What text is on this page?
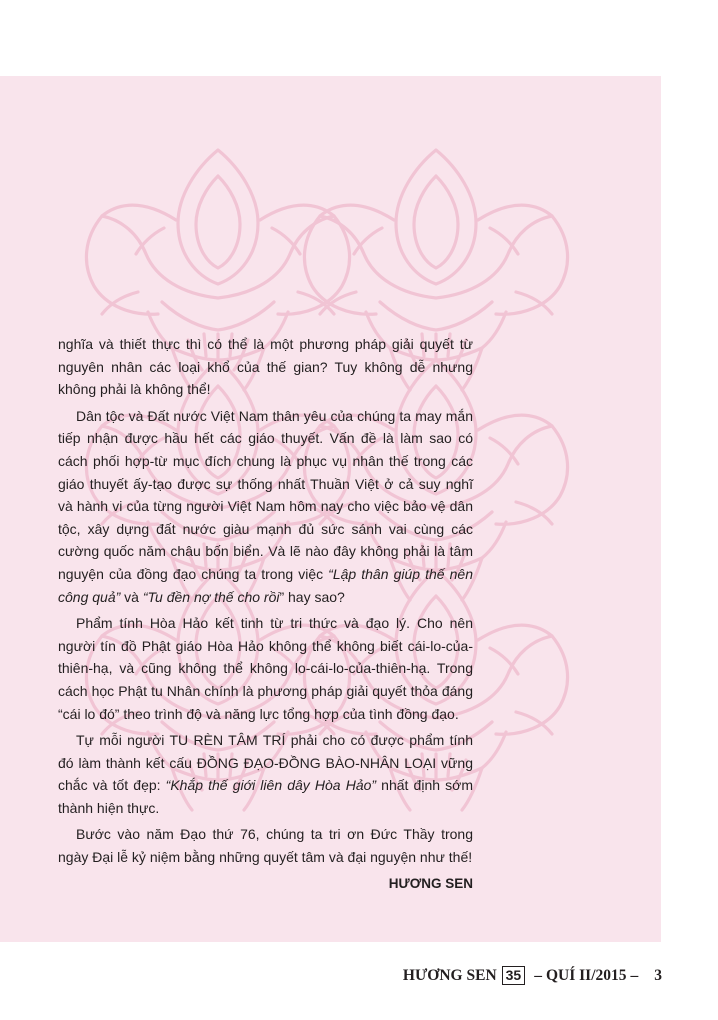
nghĩa và thiết thực thì có thể là một phương pháp giải quyết từ nguyên nhân các loại khổ của thế gian? Tuy không dễ nhưng không phải là không thể!

Dân tộc và Đất nước Việt Nam thân yêu của chúng ta may mắn tiếp nhận được hầu hết các giáo thuyết. Vấn đề là làm sao có cách phối hợp-từ mục đích chung là phục vụ nhân thế trong các giáo thuyết ấy-tạo được sự thống nhất Thuần Việt ở cả suy nghĩ và hành vi của từng người Việt Nam hôm nay cho việc bảo vệ dân tộc, xây dựng đất nước giàu mạnh đủ sức sánh vai cùng các cường quốc năm châu bốn biển. Và lẽ nào đây không phải là tâm nguyện của đồng đạo chúng ta trong việc “Lập thân giúp thế nên công quả” và “Tu đền nợ thế cho rồi” hay sao?

Phẩm tính Hòa Hảo kết tinh từ tri thức và đạo lý. Cho nên người tín đồ Phật giáo Hòa Hảo không thể không biết cái-lo-của-thiên-hạ, và cũng không thể không lo-cái-lo-của-thiên-hạ. Trong cách học Phật tu Nhân chính là phương pháp giải quyết thỏa đáng “cái lo đó” theo trình độ và năng lực tổng hợp của tình đồng đạo.

Tự mỗi người TU RÈN TÂM TRÍ phải cho có được phẩm tính đó làm thành kết cấu ĐỒNG ĐẠO-ĐỒNG BÀO-NHÂN LOẠI vững chắc và tốt đẹp: “Khắp thế giới liên dây Hòa Hảo” nhất định sớm thành hiện thực.

Bước vào năm Đạo thứ 76, chúng ta tri ơn Đức Thầy trong ngày Đại lễ kỷ niệm bằng những quyết tâm và đại nguyện như thế!

HƯƠNG SEN
HƯƠNG SEN 35 – QUÍ II/2015 – 3
